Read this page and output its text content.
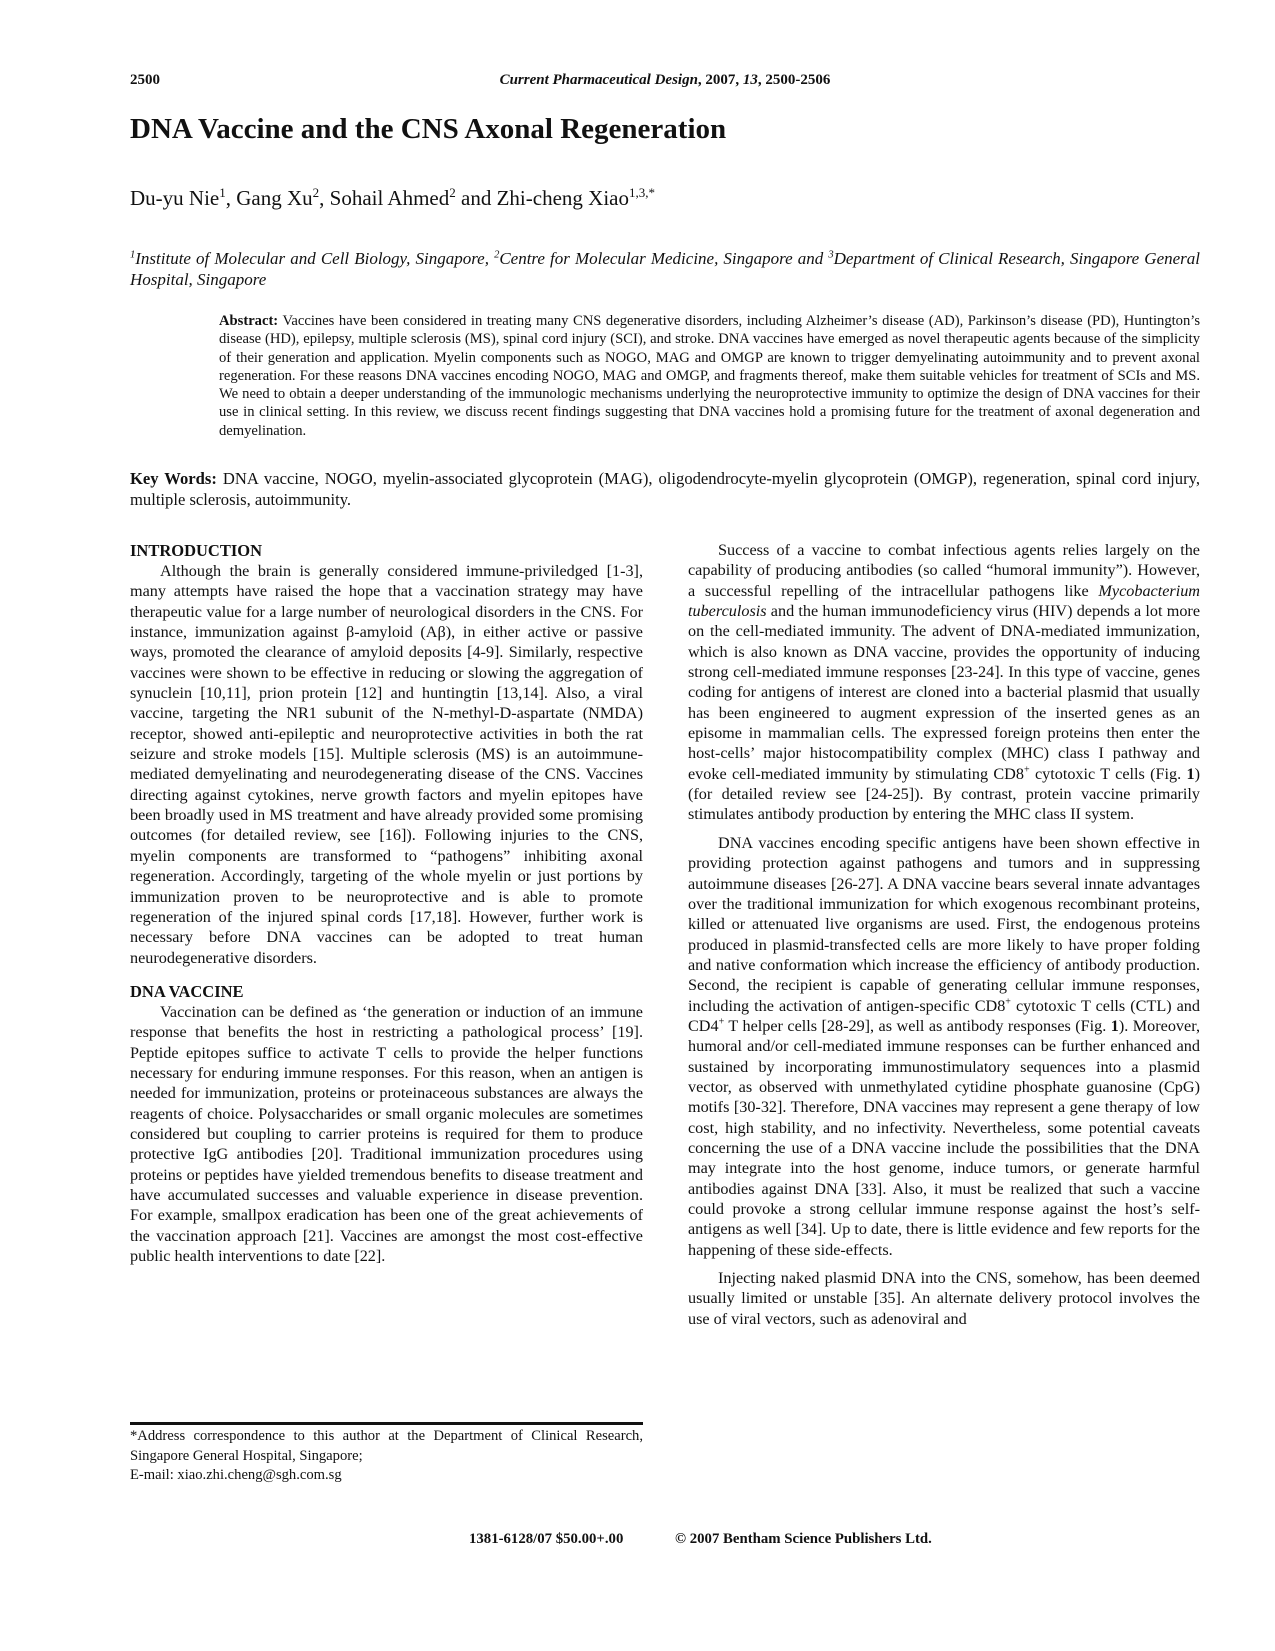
2500	Current Pharmaceutical Design, 2007, 13, 2500-2506
DNA Vaccine and the CNS Axonal Regeneration
Du-yu Nie$^1$, Gang Xu$^2$, Sohail Ahmed$^2$ and Zhi-cheng Xiao$^{1,3,*}$
$^1$Institute of Molecular and Cell Biology, Singapore, $^2$Centre for Molecular Medicine, Singapore and $^3$Department of Clinical Research, Singapore General Hospital, Singapore
Abstract: Vaccines have been considered in treating many CNS degenerative disorders, including Alzheimer’s disease (AD), Parkinson’s disease (PD), Huntington’s disease (HD), epilepsy, multiple sclerosis (MS), spinal cord injury (SCI), and stroke. DNA vaccines have emerged as novel therapeutic agents because of the simplicity of their generation and application. Myelin components such as NOGO, MAG and OMGP are known to trigger demyelinating autoimmunity and to prevent axonal regeneration. For these reasons DNA vaccines encoding NOGO, MAG and OMGP, and fragments thereof, make them suitable vehicles for treatment of SCIs and MS. We need to obtain a deeper understanding of the immunologic mechanisms underlying the neuroprotective immunity to optimize the design of DNA vaccines for their use in clinical setting. In this review, we discuss recent findings suggesting that DNA vaccines hold a promising future for the treatment of axonal degeneration and demyelination.
Key Words: DNA vaccine, NOGO, myelin-associated glycoprotein (MAG), oligodendrocyte-myelin glycoprotein (OMGP), regeneration, spinal cord injury, multiple sclerosis, autoimmunity.
INTRODUCTION

Although the brain is generally considered immune-priviledged [1-3], many attempts have raised the hope that a vaccination strategy may have therapeutic value for a large number of neurological disorders in the CNS. For instance, immunization against β-amyloid (Aβ), in either active or passive ways, promoted the clearance of amyloid deposits [4-9]. Similarly, respective vaccines were shown to be effective in reducing or slowing the aggregation of synuclein [10,11], prion protein [12] and huntingtin [13,14]. Also, a viral vaccine, targeting the NR1 subunit of the N-methyl-D-aspartate (NMDA) receptor, showed anti-epileptic and neuroprotective activities in both the rat seizure and stroke models [15]. Multiple sclerosis (MS) is an autoimmune-mediated demyelinating and neurodegenerating disease of the CNS. Vaccines directing against cytokines, nerve growth factors and myelin epitopes have been broadly used in MS treatment and have already provided some promising outcomes (for detailed review, see [16]). Following injuries to the CNS, myelin components are transformed to “pathogens” inhibiting axonal regeneration. Accordingly, targeting of the whole myelin or just portions by immunization proven to be neuroprotective and is able to promote regeneration of the injured spinal cords [17,18]. However, further work is necessary before DNA vaccines can be adopted to treat human neurodegenerative disorders.

DNA VACCINE

Vaccination can be defined as ‘the generation or induction of an immune response that benefits the host in restricting a pathological process’ [19]. Peptide epitopes suffice to activate T cells to provide the helper functions necessary for enduring immune responses. For this reason, when an antigen is needed for immunization, proteins or proteinaceous substances are always the reagents of choice. Polysaccharides or small organic molecules are sometimes considered but coupling to carrier proteins is required for them to produce protective IgG antibodies [20]. Traditional immunization procedures using proteins or peptides have yielded tremendous benefits to disease treatment and have accumulated successes and valuable experience in disease prevention. For example, smallpox eradication has been one of the great achievements of the vaccination approach [21]. Vaccines are amongst the most cost-effective public health interventions to date [22].

Success of a vaccine to combat infectious agents relies largely on the capability of producing antibodies (so called “humoral immunity”). However, a successful repelling of the intracellular pathogens like Mycobacterium tuberculosis and the human immunodeficiency virus (HIV) depends a lot more on the cell-mediated immunity. The advent of DNA-mediated immunization, which is also known as DNA vaccine, provides the opportunity of inducing strong cell-mediated immune responses [23-24]. In this type of vaccine, genes coding for antigens of interest are cloned into a bacterial plasmid that usually has been engineered to augment expression of the inserted genes as an episome in mammalian cells. The expressed foreign proteins then enter the host-cells’ major histocompatibility complex (MHC) class I pathway and evoke cell-mediated immunity by stimulating CD8+ cytotoxic T cells (Fig. 1) (for detailed review see [24-25]). By contrast, protein vaccine primarily stimulates antibody production by entering the MHC class II system.

DNA vaccines encoding specific antigens have been shown effective in providing protection against pathogens and tumors and in suppressing autoimmune diseases [26-27]. A DNA vaccine bears several innate advantages over the traditional immunization for which exogenous recombinant proteins, killed or attenuated live organisms are used. First, the endogenous proteins produced in plasmid-transfected cells are more likely to have proper folding and native conformation which increase the efficiency of antibody production. Second, the recipient is capable of generating cellular immune responses, including the activation of antigen-specific CD8+ cytotoxic T cells (CTL) and CD4+ T helper cells [28-29], as well as antibody responses (Fig. 1). Moreover, humoral and/or cell-mediated immune responses can be further enhanced and sustained by incorporating immunostimulatory sequences into a plasmid vector, as observed with unmethylated cytidine phosphate guanosine (CpG) motifs [30-32]. Therefore, DNA vaccines may represent a gene therapy of low cost, high stability, and no infectivity. Nevertheless, some potential caveats concerning the use of a DNA vaccine include the possibilities that the DNA may integrate into the host genome, induce tumors, or generate harmful antibodies against DNA [33]. Also, it must be realized that such a vaccine could provoke a strong cellular immune response against the host’s self-antigens as well [34]. Up to date, there is little evidence and few reports for the happening of these side-effects.

Injecting naked plasmid DNA into the CNS, somehow, has been deemed usually limited or unstable [35]. An alternate delivery protocol involves the use of viral vectors, such as adenoviral and

*Address correspondence to this author at the Department of Clinical Research, Singapore General Hospital, Singapore;
E-mail: xiao.zhi.cheng@sgh.com.sg
1381-6128/07 $50.00+.00	© 2007 Bentham Science Publishers Ltd.
